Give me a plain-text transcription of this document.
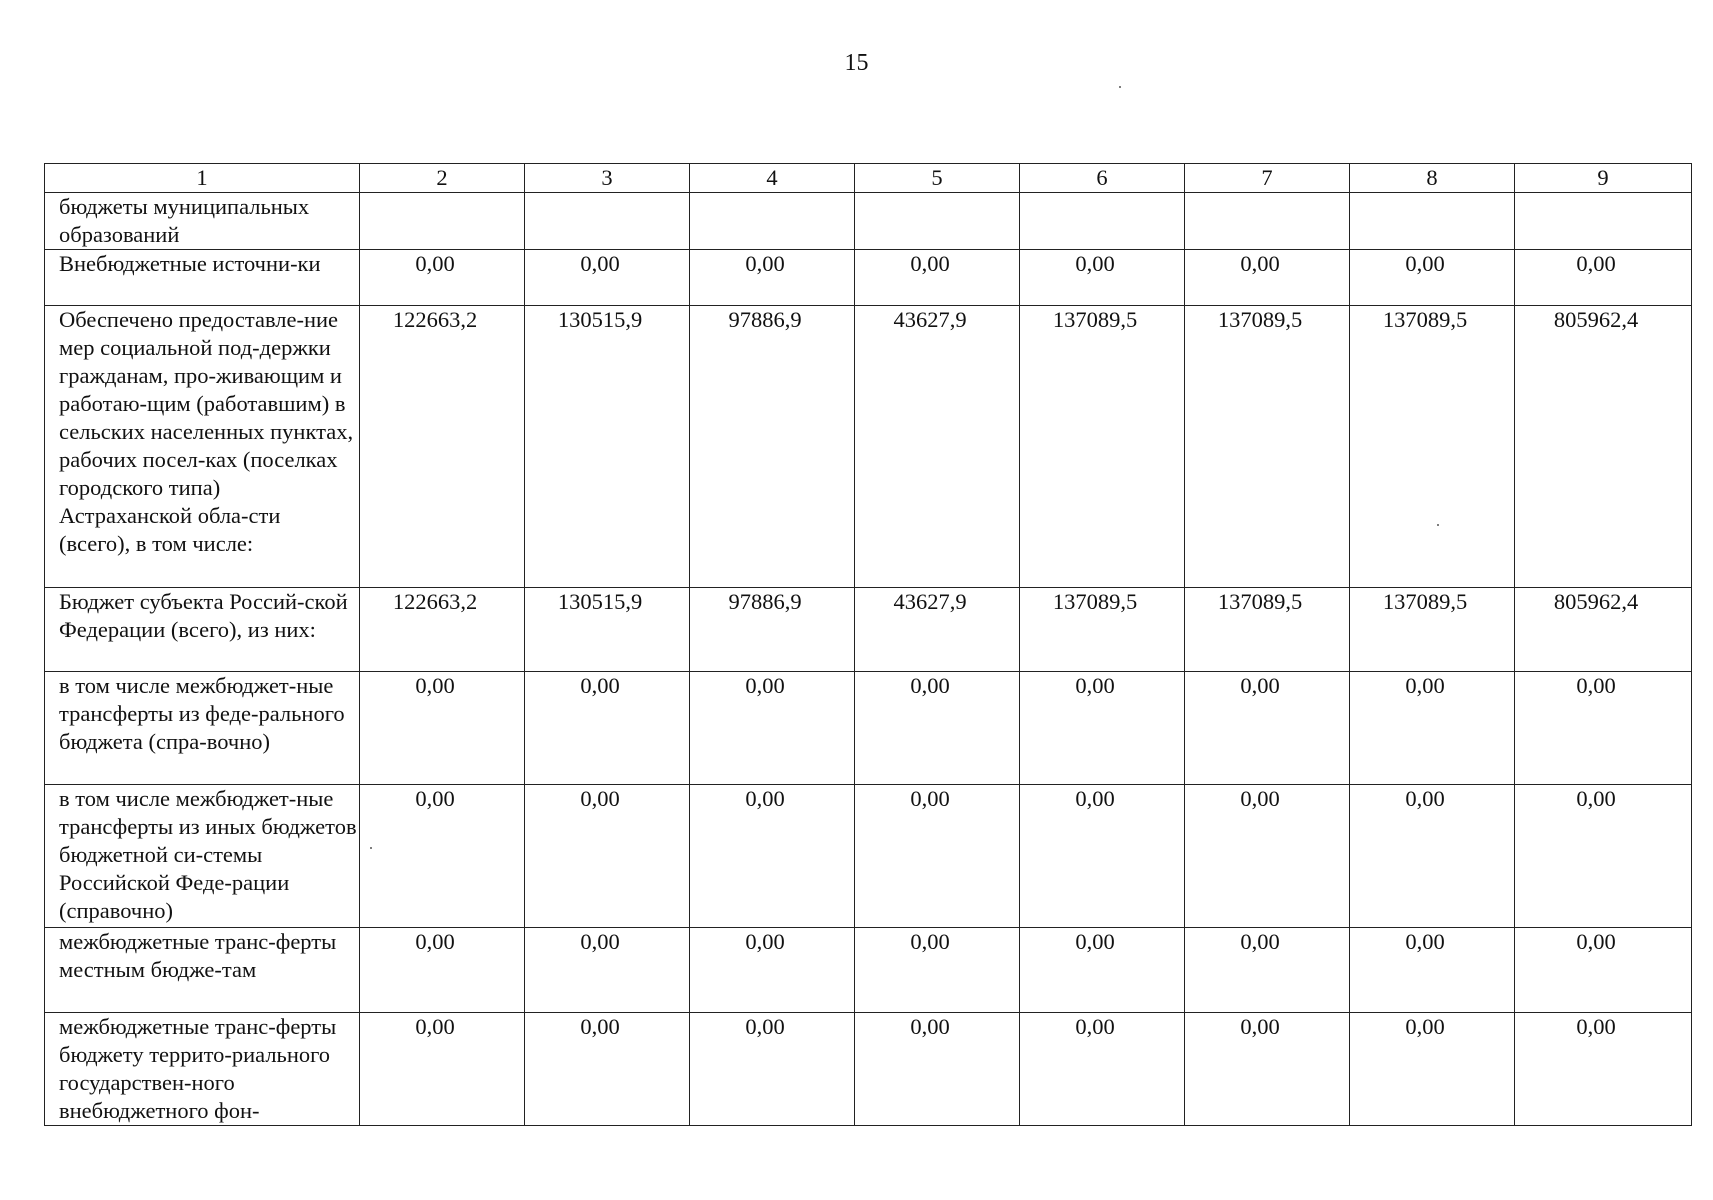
15
1	2	3	4	5	6	7	8	9
бюджеты муниципальных образований								
Внебюджетные источни-ки	0,00	0,00	0,00	0,00	0,00	0,00	0,00	0,00
Обеспечено предоставле-ние мер социальной под-держки гражданам, про-живающим и работаю-щим (работавшим) в сельских населенных пунктах, рабочих посел-ках (поселках городского типа) Астраханской обла-сти (всего), в том числе:	122663,2	130515,9	97886,9	43627,9	137089,5	137089,5	137089,5	805962,4
Бюджет субъекта Россий-ской Федерации (всего), из них:	122663,2	130515,9	97886,9	43627,9	137089,5	137089,5	137089,5	805962,4
в том числе межбюджет-ные трансферты из феде-рального бюджета (спра-вочно)	0,00	0,00	0,00	0,00	0,00	0,00	0,00	0,00
в том числе межбюджет-ные трансферты из иных бюджетов бюджетной си-стемы Российской Феде-рации (справочно)	0,00	0,00	0,00	0,00	0,00	0,00	0,00	0,00
межбюджетные транс-ферты местным бюдже-там	0,00	0,00	0,00	0,00	0,00	0,00	0,00	0,00
межбюджетные транс-ферты бюджету террито-риального государствен-ного внебюджетного фон-	0,00	0,00	0,00	0,00	0,00	0,00	0,00	0,00
